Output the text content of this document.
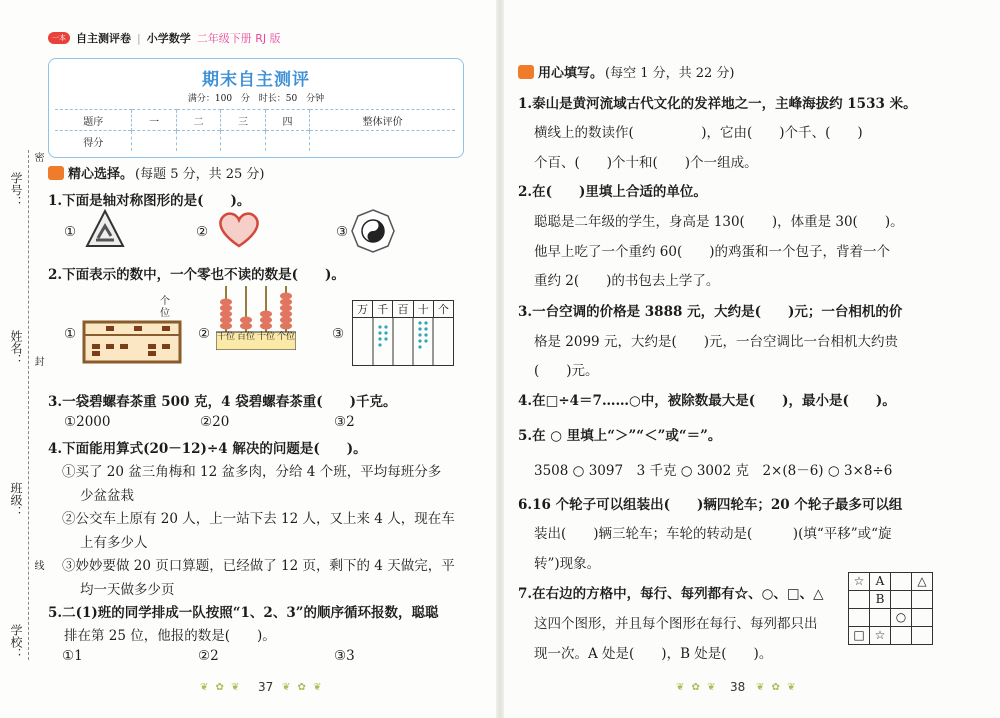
一本 自主测评卷 | 小学数学 二年级下册 RJ 版
学号：
姓名：
班级：
学校：
密
封
线
期末自主测评
满分：100 分 时长：50 分钟
题序	一	二	三	四	整体评价
得分					
精心选择。 (每题 5 分，共 25 分)
1.下面是轴对称图形的是(　　)。
①	②	③
2.下面表示的数中，一个零也不读的数是(　　)。
①
个位
② 千位 百位 十位 个位	③
万 千 百 十 个
3.一袋碧螺春茶重 500 克，4 袋碧螺春茶重(　　)千克。
①2000	②20	③2
4.下面能用算式(20－12)÷4 解决的问题是(　　)。
①买了 20 盆三角梅和 12 盆多肉，分给 4 个班，平均每班分多
少盆盆栽
②公交车上原有 20 人，上一站下去 12 人，又上来 4 人，现在车
上有多少人
③妙妙要做 20 页口算题，已经做了 12 页，剩下的 4 天做完，平
均一天做多少页
5.二(1)班的同学排成一队按照“1、2、3”的顺序循环报数，聪聪
排在第 25 位，他报的数是(　　)。
①1	②2	③3
❦ ✿ ❦ 37 ❦ ✿ ❦
用心填写。 (每空 1 分，共 22 分)
1.泰山是黄河流域古代文化的发祥地之一，主峰海拔约 1533 米。
横线上的数读作(　　　　　)，它由(　　)个千、(　　)
个百、(　　)个十和(　　)个一组成。
2.在(　　)里填上合适的单位。
聪聪是二年级的学生，身高是 130(　　)，体重是 30(　　)。
他早上吃了一个重约 60(　　)的鸡蛋和一个包子，背着一个
重约 2(　　)的书包去上学了。
3.一台空调的价格是 3888 元，大约是(　　)元；一台相机的价
格是 2099 元，大约是(　　)元，一台空调比一台相机大约贵
(　　)元。
4.在□÷4＝7……○中，被除数最大是(　　)，最小是(　　)。
5.在 ○ 里填上“＞”“＜”或“＝”。
3508 ○ 3097　3 千克 ○ 3002 克　2×(8－6) ○ 3×8÷6
6.16 个轮子可以组装出(　　)辆四轮车；20 个轮子最多可以组
装出(　　)辆三轮车；车轮的转动是(　　　)(填“平移”或“旋
转”)现象。
7.在右边的方格中，每行、每列都有☆、○、□、△
这四个图形，并且每个图形在每行、每列都只出
现一次。A 处是(　　)，B 处是(　　)。
☆	A		△
	B		
		○	
□	☆		
❦ ✿ ❦ 38 ❦ ✿ ❦
